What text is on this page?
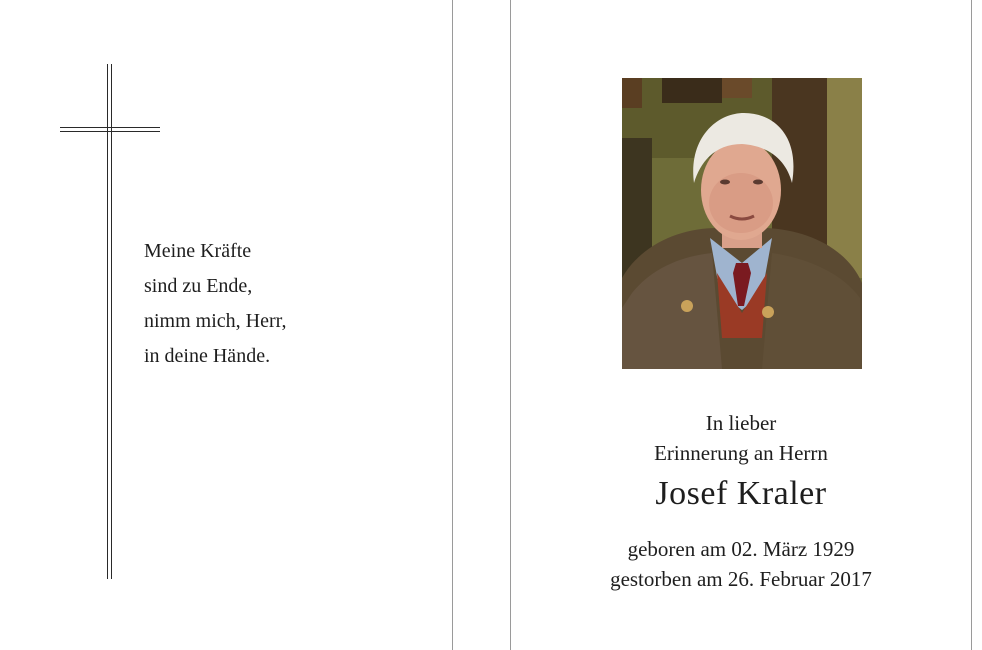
Meine Kräfte
sind zu Ende,
nimm mich, Herr,
in deine Hände.
In lieber
Erinnerung an Herrn
Josef Kraler
geboren am 02. März 1929
gestorben am 26. Februar 2017
